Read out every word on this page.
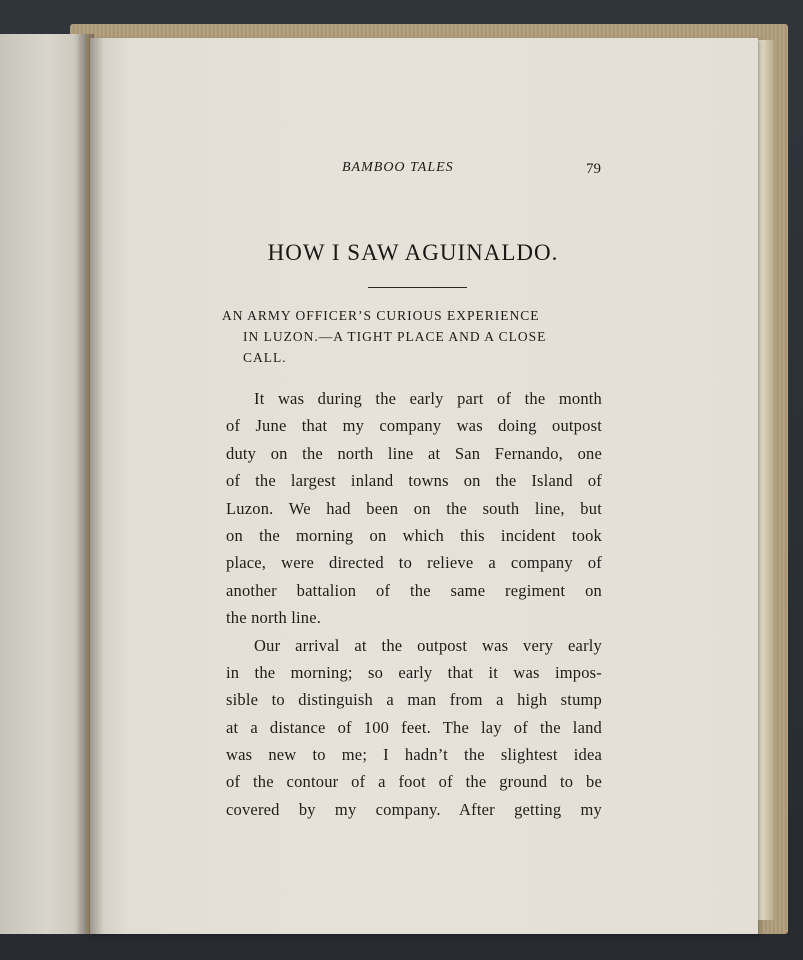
BAMBOO TALES	79
HOW I SAW AGUINALDO.
AN ARMY OFFICER’S CURIOUS EXPERIENCE
IN LUZON.—A TIGHT PLACE AND A CLOSE
CALL.
It was during the early part of the month
of June that my company was doing outpost
duty on the north line at San Fernando, one
of the largest inland towns on the Island of
Luzon. We had been on the south line, but
on the morning on which this incident took
place, were directed to relieve a company of
another battalion of the same regiment on
the north line.
Our arrival at the outpost was very early
in the morning; so early that it was impos-
sible to distinguish a man from a high stump
at a distance of 100 feet. The lay of the land
was new to me; I hadn’t the slightest idea
of the contour of a foot of the ground to be
covered by my company. After getting my
